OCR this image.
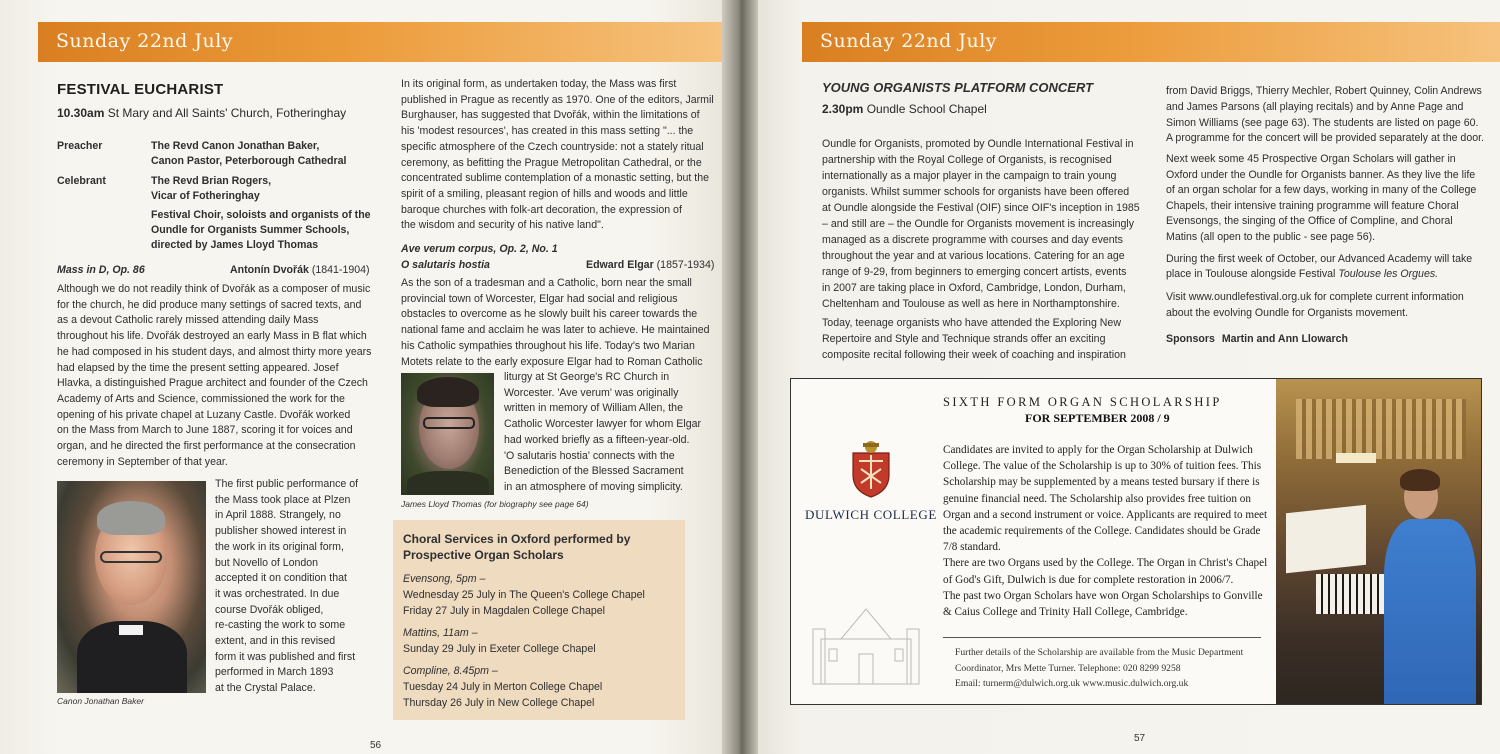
Sunday 22nd July
FESTIVAL EUCHARIST
10.30am St Mary and All Saints' Church, Fotheringhay
Preacher	The Revd Canon Jonathan Baker,
Canon Pastor, Peterborough Cathedral
Celebrant	The Revd Brian Rogers,
Vicar of Fotheringhay
Festival Choir, soloists and organists of the
Oundle for Organists Summer Schools,
directed by James Lloyd Thomas
Mass in D, Op. 86	Antonín Dvořák (1841-1904)
Although we do not readily think of Dvořák as a composer of music
for the church, he did produce many settings of sacred texts, and
as a devout Catholic rarely missed attending daily Mass
throughout his life. Dvořák destroyed an early Mass in B flat which
he had composed in his student days, and almost thirty more years
had elapsed by the time the present setting appeared. Josef
Hlavka, a distinguished Prague architect and founder of the Czech
Academy of Arts and Science, commissioned the work for the
opening of his private chapel at Luzany Castle. Dvořák worked
on the Mass from March to June 1887, scoring it for voices and
organ, and he directed the first performance at the consecration
ceremony in September of that year.
Canon Jonathan Baker
The first public performance of
the Mass took place at Plzen
in April 1888. Strangely, no
publisher showed interest in
the work in its original form,
but Novello of London
accepted it on condition that
it was orchestrated. In due
course Dvořák obliged,
re-casting the work to some
extent, and in this revised
form it was published and first
performed in March 1893
at the Crystal Palace.
In its original form, as undertaken today, the Mass was first
published in Prague as recently as 1970. One of the editors, Jarmil
Burghauser, has suggested that Dvořák, within the limitations of
his 'modest resources', has created in this mass setting "... the
specific atmosphere of the Czech countryside: not a stately ritual
ceremony, as befitting the Prague Metropolitan Cathedral, or the
concentrated sublime contemplation of a monastic setting, but the
spirit of a smiling, pleasant region of hills and woods and little
baroque churches with folk-art decoration, the expression of
the wisdom and security of his native land".
Ave verum corpus, Op. 2, No. 1
O salutaris hostia	Edward Elgar (1857-1934)
As the son of a tradesman and a Catholic, born near the small
provincial town of Worcester, Elgar had social and religious
obstacles to overcome as he slowly built his career towards the
national fame and acclaim he was later to achieve. He maintained
his Catholic sympathies throughout his life. Today's two Marian
Motets relate to the early exposure Elgar had to Roman Catholic
James Lloyd Thomas (for biography see page 64)
liturgy at St George's RC Church in
Worcester. 'Ave verum' was originally
written in memory of William Allen, the
Catholic Worcester lawyer for whom Elgar
had worked briefly as a fifteen-year-old.
'O salutaris hostia' connects with the
Benediction of the Blessed Sacrament
in an atmosphere of moving simplicity.
Choral Services in Oxford performed by
Prospective Organ Scholars
Evensong, 5pm –
Wednesday 25 July in The Queen's College Chapel
Friday 27 July in Magdalen College Chapel
Mattins, 11am –
Sunday 29 July in Exeter College Chapel
Compline, 8.45pm –
Tuesday 24 July in Merton College Chapel
Thursday 26 July in New College Chapel
56
Sunday 22nd July
YOUNG ORGANISTS PLATFORM CONCERT
2.30pm Oundle School Chapel
Oundle for Organists, promoted by Oundle International Festival in
partnership with the Royal College of Organists, is recognised
internationally as a major player in the campaign to train young
organists. Whilst summer schools for organists have been offered
at Oundle alongside the Festival (OIF) since OIF's inception in 1985
– and still are – the Oundle for Organists movement is increasingly
managed as a discrete programme with courses and day events
throughout the year and at various locations. Catering for an age
range of 9-29, from beginners to emerging concert artists, events
in 2007 are taking place in Oxford, Cambridge, London, Durham,
Cheltenham and Toulouse as well as here in Northamptonshire.
Today, teenage organists who have attended the Exploring New
Repertoire and Style and Technique strands offer an exciting
composite recital following their week of coaching and inspiration
from David Briggs, Thierry Mechler, Robert Quinney, Colin Andrews
and James Parsons (all playing recitals) and by Anne Page and
Simon Williams (see page 63). The students are listed on page 60.
A programme for the concert will be provided separately at the door.
Next week some 45 Prospective Organ Scholars will gather in
Oxford under the Oundle for Organists banner. As they live the life
of an organ scholar for a few days, working in many of the College
Chapels, their intensive training programme will feature Choral
Evensongs, the singing of the Office of Compline, and Choral
Matins (all open to the public - see page 56).
During the first week of October, our Advanced Academy will take
place in Toulouse alongside Festival Toulouse les Orgues.
Visit www.oundlefestival.org.uk for complete current information
about the evolving Oundle for Organists movement.
Sponsors Martin and Ann Llowarch
DULWICH COLLEGE
SIXTH FORM ORGAN SCHOLARSHIP
FOR SEPTEMBER 2008 / 9
Candidates are invited to apply for the Organ Scholarship at Dulwich
College. The value of the Scholarship is up to 30% of tuition fees. This
Scholarship may be supplemented by a means tested bursary if there is
genuine financial need. The Scholarship also provides free tuition on
Organ and a second instrument or voice. Applicants are required to meet
the academic requirements of the College. Candidates should be Grade
7/8 standard.
There are two Organs used by the College. The Organ in Christ's Chapel
of God's Gift, Dulwich is due for complete restoration in 2006/7.
The past two Organ Scholars have won Organ Scholarships to Gonville
& Caius College and Trinity Hall College, Cambridge.
Further details of the Scholarship are available from the Music Department
Coordinator, Mrs Mette Turner. Telephone: 020 8299 9258
Email: turnerm@dulwich.org.uk www.music.dulwich.org.uk
57
